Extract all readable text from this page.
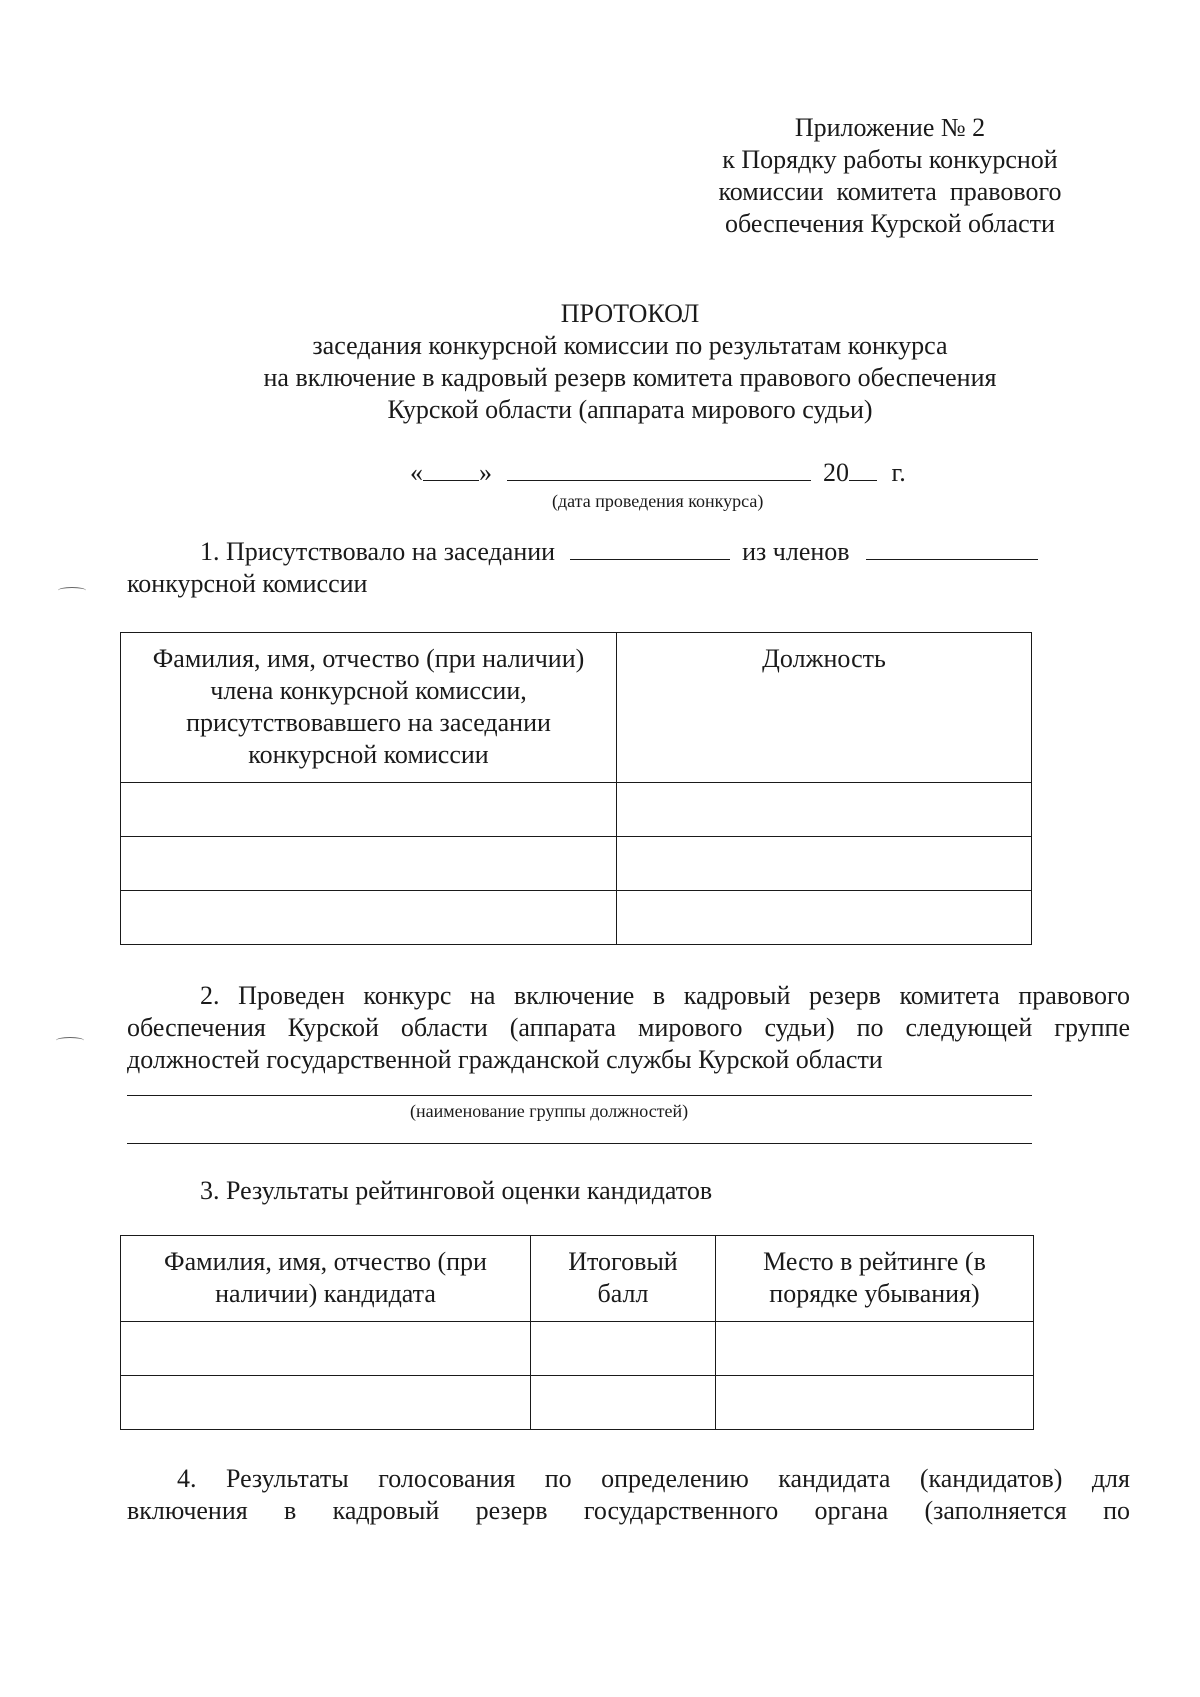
Приложение № 2
к Порядку работы конкурсной
комиссии  комитета  правового
обеспечения Курской области
ПРОТОКОЛ
заседания конкурсной комиссии по результатам конкурса
на включение в кадровый резерв комитета правового обеспечения
Курской области (аппарата мирового судьи)
« »	20 г.
(дата проведения конкурса)
1. Присутствовало на заседании	из членов
конкурсной комиссии
Фамилия, имя, отчество (при наличии) члена конкурсной комиссии, присутствовавшего на заседании конкурсной комиссии	Должность

2. Проведен конкурс на включение в кадровый резерв комитета правового
обеспечения Курской области (аппарата мирового судьи) по следующей группе
должностей государственной гражданской службы Курской области
(наименование группы должностей)
3. Результаты рейтинговой оценки кандидатов
Фамилия, имя, отчество (при наличии) кандидата	Итоговый балл	Место в рейтинге (в порядке убывания)

4. Результаты голосования по определению кандидата (кандидатов) для
включения в кадровый резерв государственного органа (заполняется по
